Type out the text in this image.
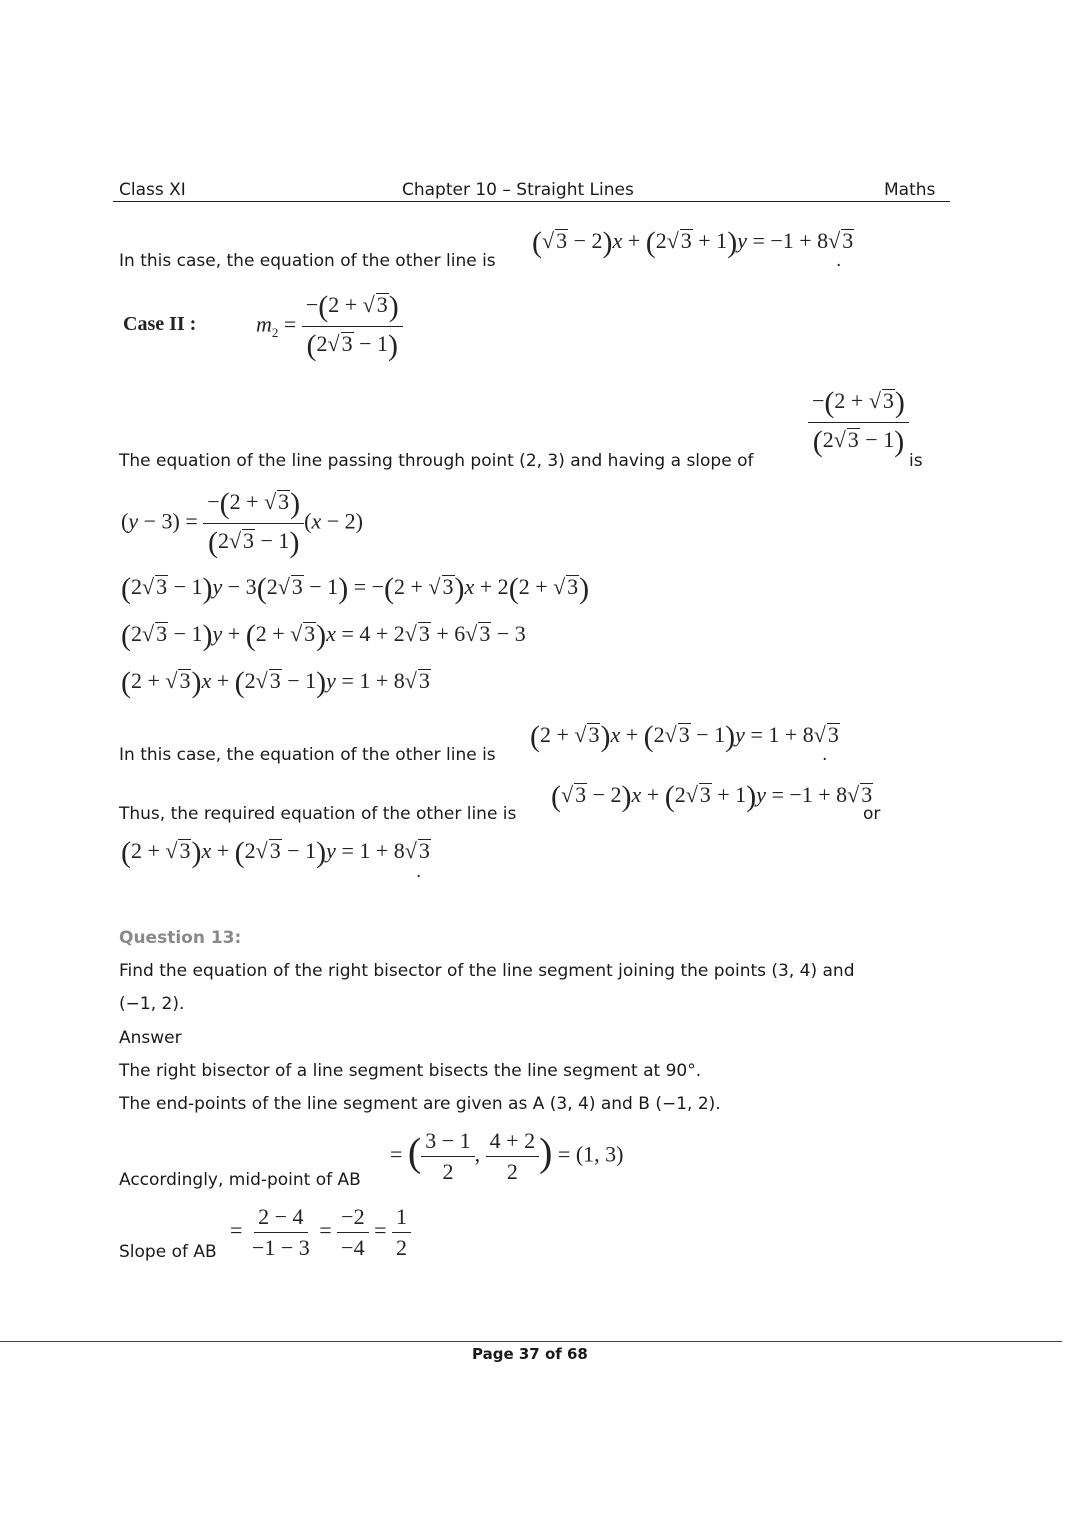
Class XI	Chapter 10 – Straight Lines	Maths
In this case, the equation of the other line is
(√3 − 2)x + (2√3 + 1)y = −1 + 8√3
.
Case II :	$m_2 = \frac{-(2 + √3)}{(2√3 - 1)}$
$\frac{-(2 + √3)}{(2√3 - 1)}$
The equation of the line passing through point (2, 3) and having a slope of	is
$(y - 3) = \frac{-(2 + √3)}{(2√3 - 1)} (x - 2)$
(2√3 − 1)y − 3(2√3 − 1) = −(2 + √3)x + 2(2 + √3)
(2√3 − 1)y + (2 + √3)x = 4 + 2√3 + 6√3 − 3
(2 + √3)x + (2√3 − 1)y = 1 + 8√3
In this case, the equation of the other line is
(2 + √3)x + (2√3 − 1)y = 1 + 8√3
.
Thus, the required equation of the other line is
(√3 − 2)x + (2√3 + 1)y = −1 + 8√3
or
(2 + √3)x + (2√3 − 1)y = 1 + 8√3
.
Question 13:
Find the equation of the right bisector of the line segment joining the points (3, 4) and
(−1, 2).
Answer
The right bisector of a line segment bisects the line segment at 90°.
The end-points of the line segment are given as A (3, 4) and B (−1, 2).
Accordingly, mid-point of AB
= ( $\frac{3 - 1}{2}$ , $\frac{4 + 2}{2}$ ) = (1, 3)
Slope of AB
= $\frac{2 - 4}{-1 - 3} = \frac{-2}{-4} = \frac{1}{2}$
Page 37 of 68
